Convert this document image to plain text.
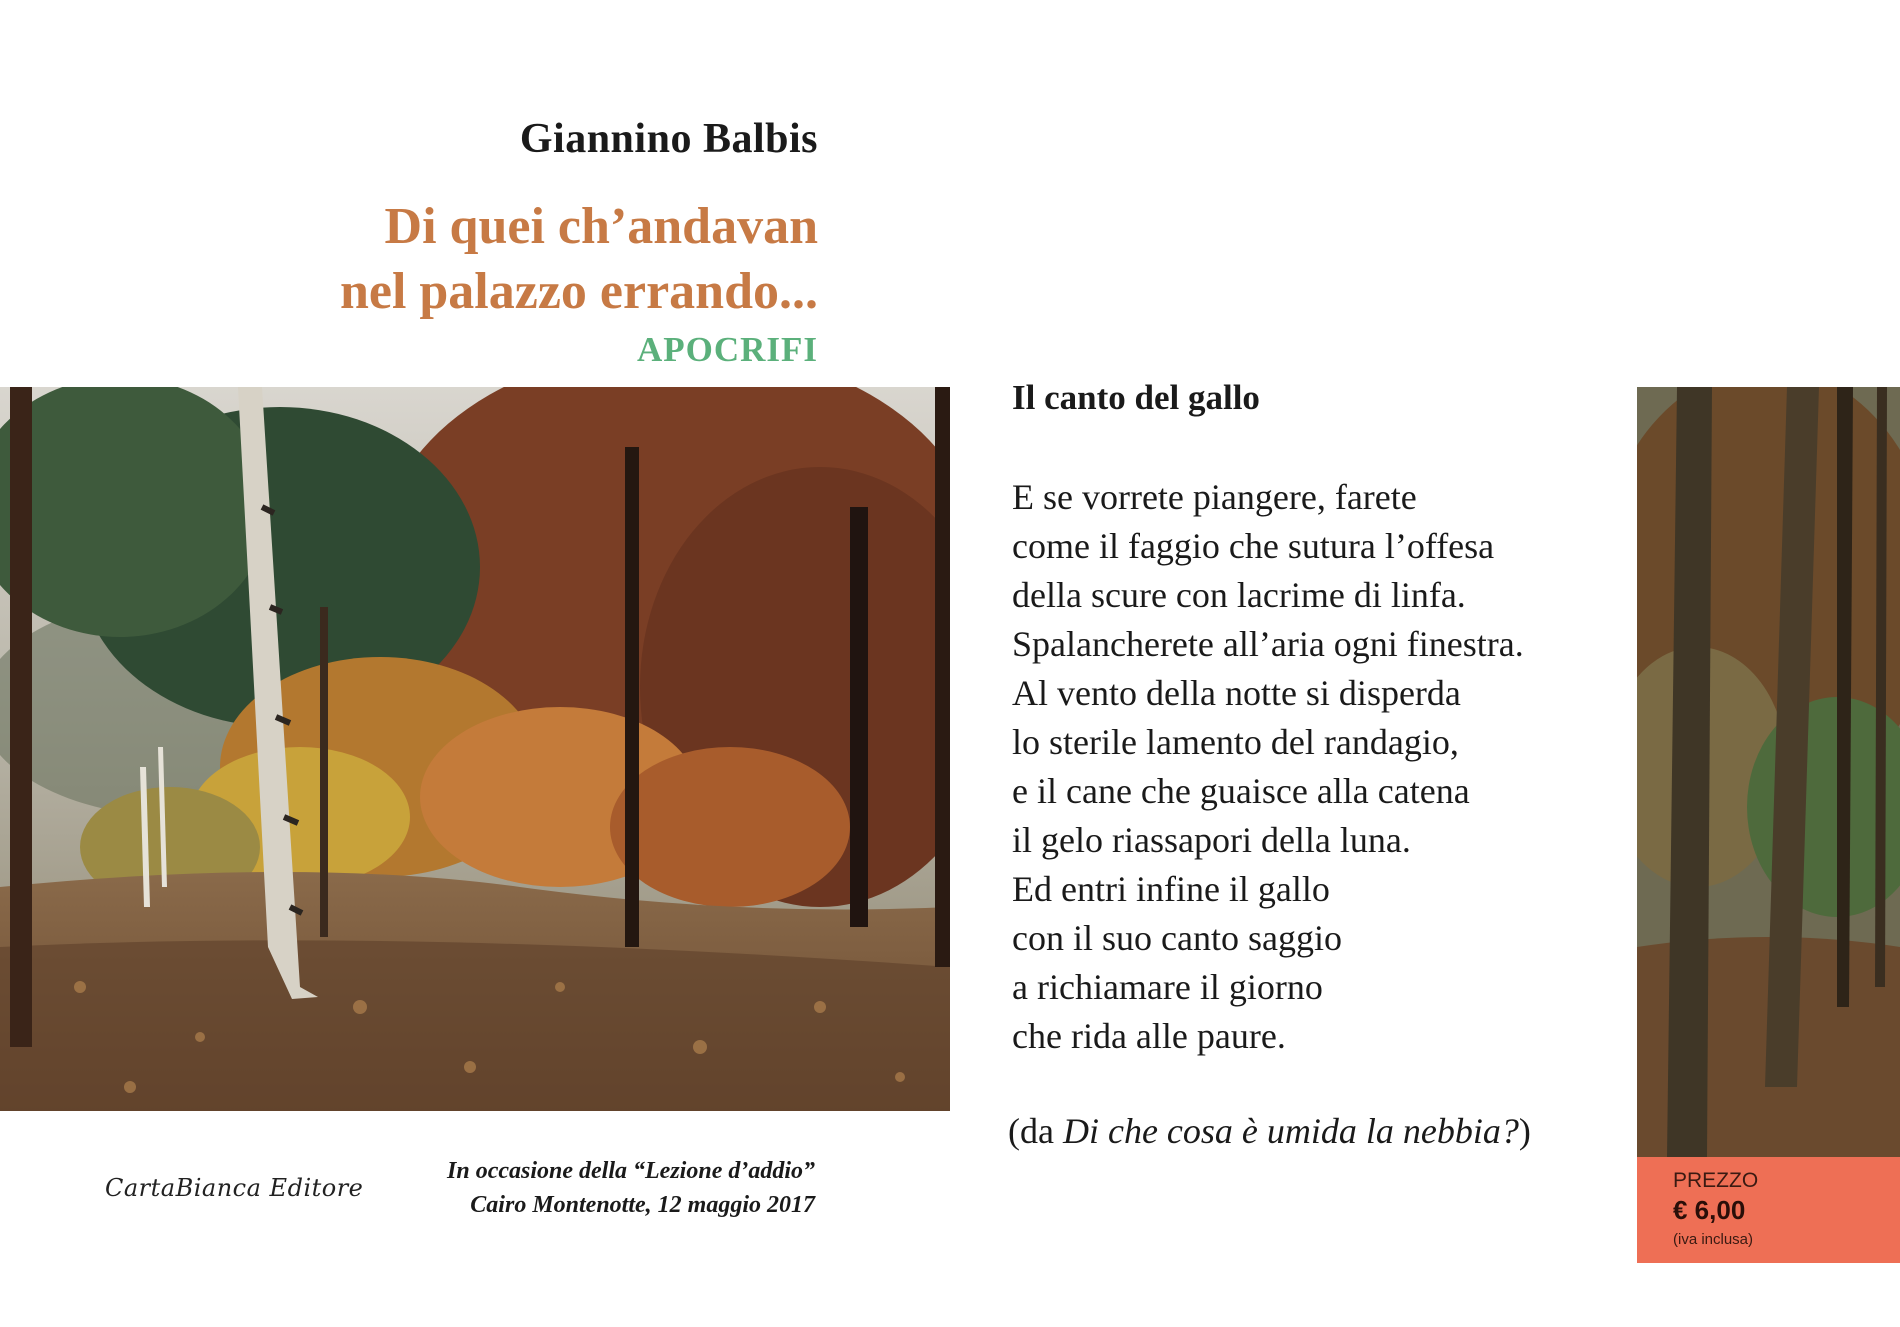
Giannino Balbis
Di quei ch’andavan
nel palazzo errando...
APOCRIFI
CartaBianca Editore
In occasione della “Lezione d’addio”
Cairo Montenotte, 12 maggio 2017
Il canto del gallo
E se vorrete piangere, farete
come il faggio che sutura l’offesa
della scure con lacrime di linfa.
Spalancherete all’aria ogni finestra.
Al vento della notte si disperda
lo sterile lamento del randagio,
e il cane che guaisce alla catena
il gelo riassapori della luna.
Ed entri infine il gallo
con il suo canto saggio
a richiamare il giorno
che rida alle paure.
(da Di che cosa è umida la nebbia?)
PREZZO
€ 6,00
(iva inclusa)
